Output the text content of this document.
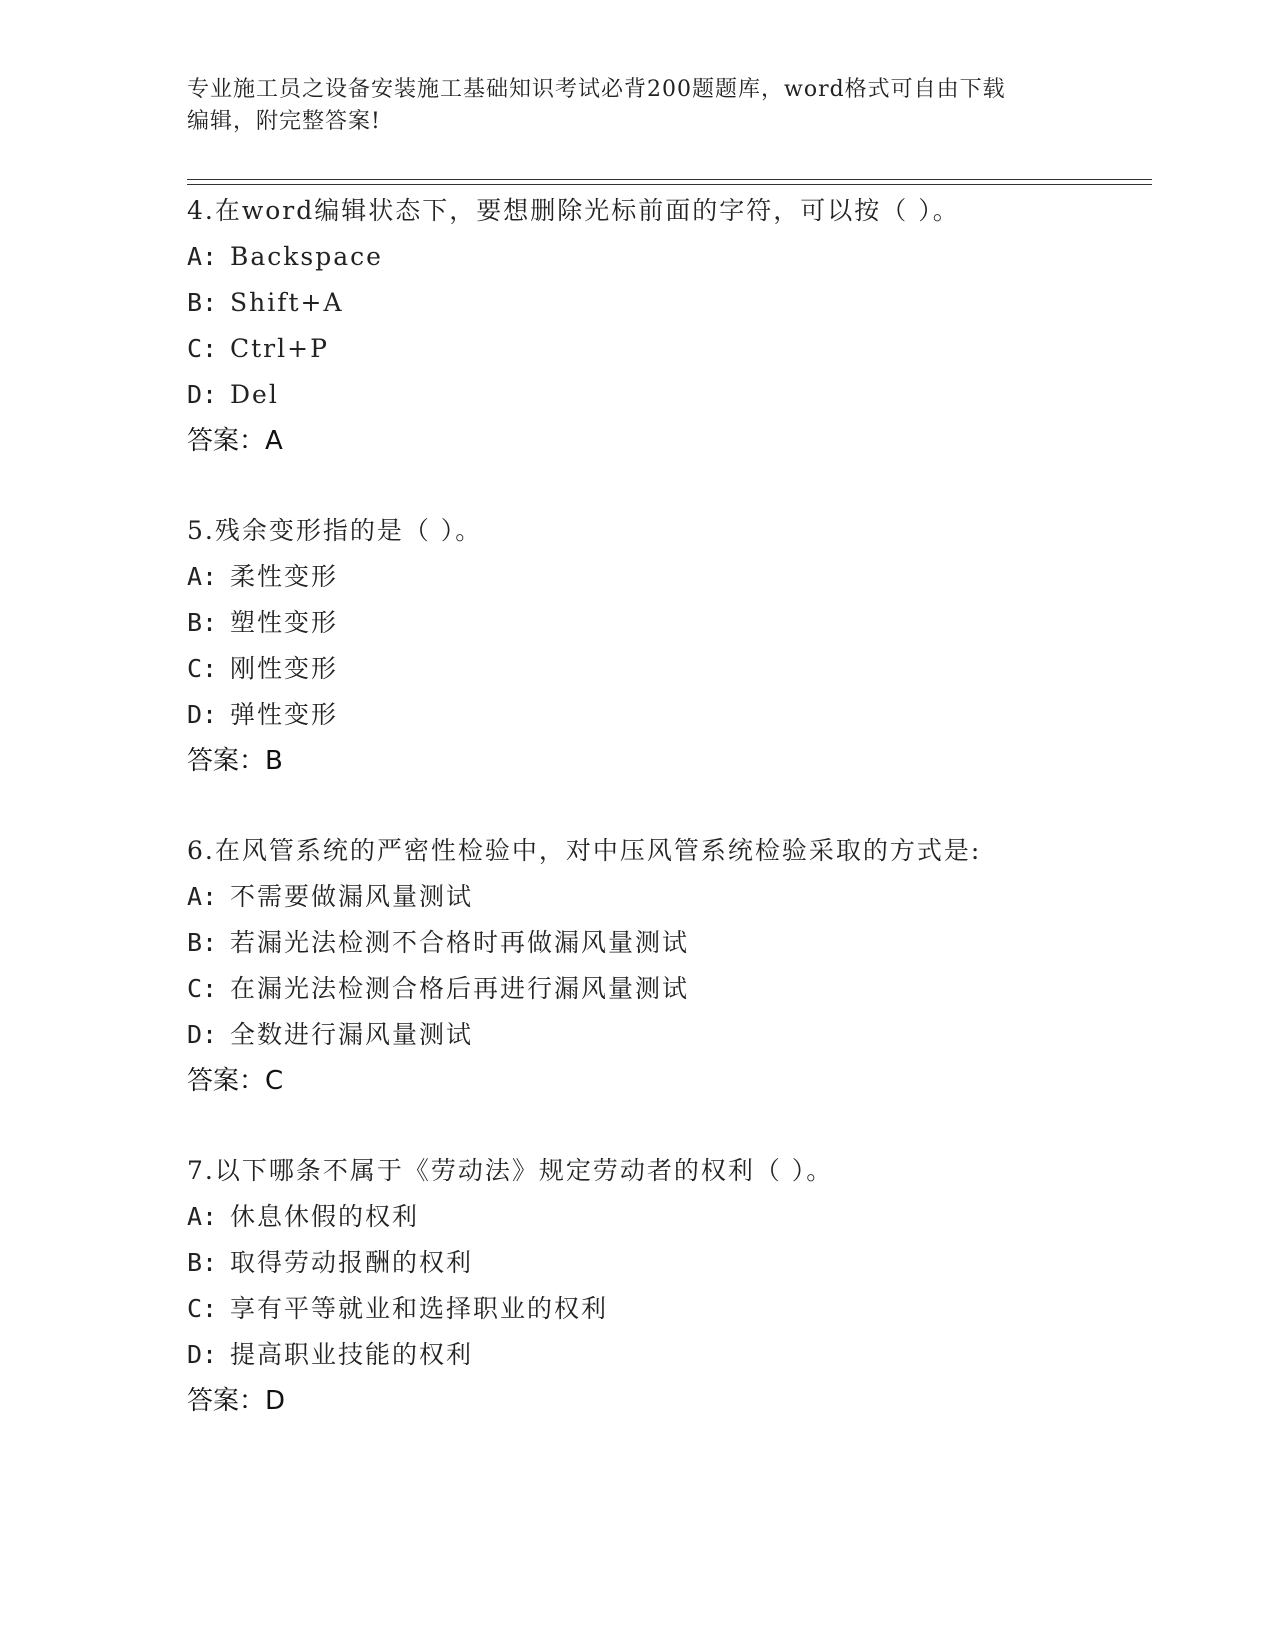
专业施工员之设备安装施工基础知识考试必背200题题库，word格式可自由下载
编辑，附完整答案!
4.在word编辑状态下，要想删除光标前面的字符，可以按（ ）。
A: Backspace
B: Shift+A
C: Ctrl+P
D: Del
答案：A
5.残余变形指的是（ ）。
A: 柔性变形
B: 塑性变形
C: 刚性变形
D: 弹性变形
答案：B
6.在风管系统的严密性检验中，对中压风管系统检验采取的方式是:
A: 不需要做漏风量测试
B: 若漏光法检测不合格时再做漏风量测试
C: 在漏光法检测合格后再进行漏风量测试
D: 全数进行漏风量测试
答案：C
7.以下哪条不属于《劳动法》规定劳动者的权利（ ）。
A: 休息休假的权利
B: 取得劳动报酬的权利
C: 享有平等就业和选择职业的权利
D: 提高职业技能的权利
答案：D
